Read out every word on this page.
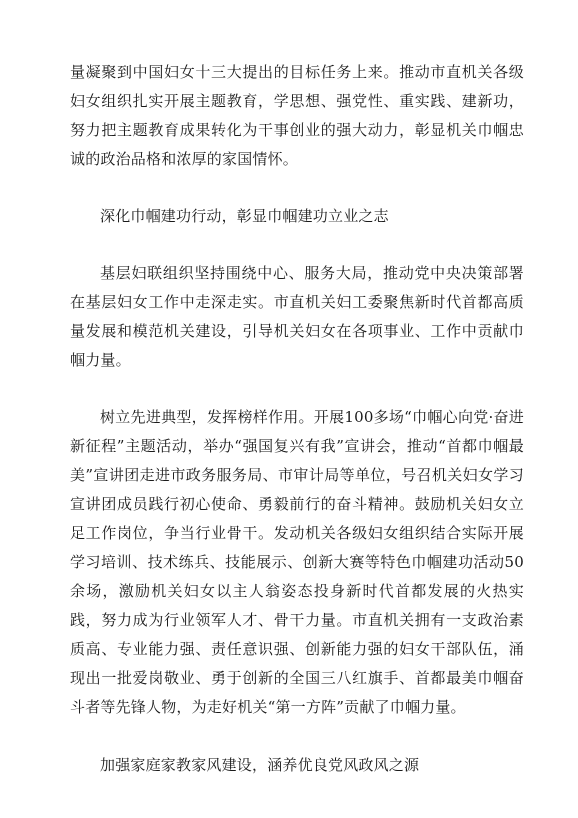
量凝聚到中国妇女十三大提出的目标任务上来。推动市直机关各级妇女组织扎实开展主题教育，学思想、强党性、重实践、建新功，努力把主题教育成果转化为干事创业的强大动力，彰显机关巾帼忠诚的政治品格和浓厚的家国情怀。

深化巾帼建功行动，彰显巾帼建功立业之志

基层妇联组织坚持围绕中心、服务大局，推动党中央决策部署在基层妇女工作中走深走实。市直机关妇工委聚焦新时代首都高质量发展和模范机关建设，引导机关妇女在各项事业、工作中贡献巾帼力量。

树立先进典型，发挥榜样作用。开展100多场“巾帼心向党·奋进新征程”主题活动，举办“强国复兴有我”宣讲会，推动“首都巾帼最美”宣讲团走进市政务服务局、市审计局等单位，号召机关妇女学习宣讲团成员践行初心使命、勇毅前行的奋斗精神。鼓励机关妇女立足工作岗位，争当行业骨干。发动机关各级妇女组织结合实际开展学习培训、技术练兵、技能展示、创新大赛等特色巾帼建功活动50余场，激励机关妇女以主人翁姿态投身新时代首都发展的火热实践，努力成为行业领军人才、骨干力量。市直机关拥有一支政治素质高、专业能力强、责任意识强、创新能力强的妇女干部队伍，涌现出一批爱岗敬业、勇于创新的全国三八红旗手、首都最美巾帼奋斗者等先锋人物，为走好机关“第一方阵”贡献了巾帼力量。

加强家庭家教家风建设，涵养优良党风政风之源
